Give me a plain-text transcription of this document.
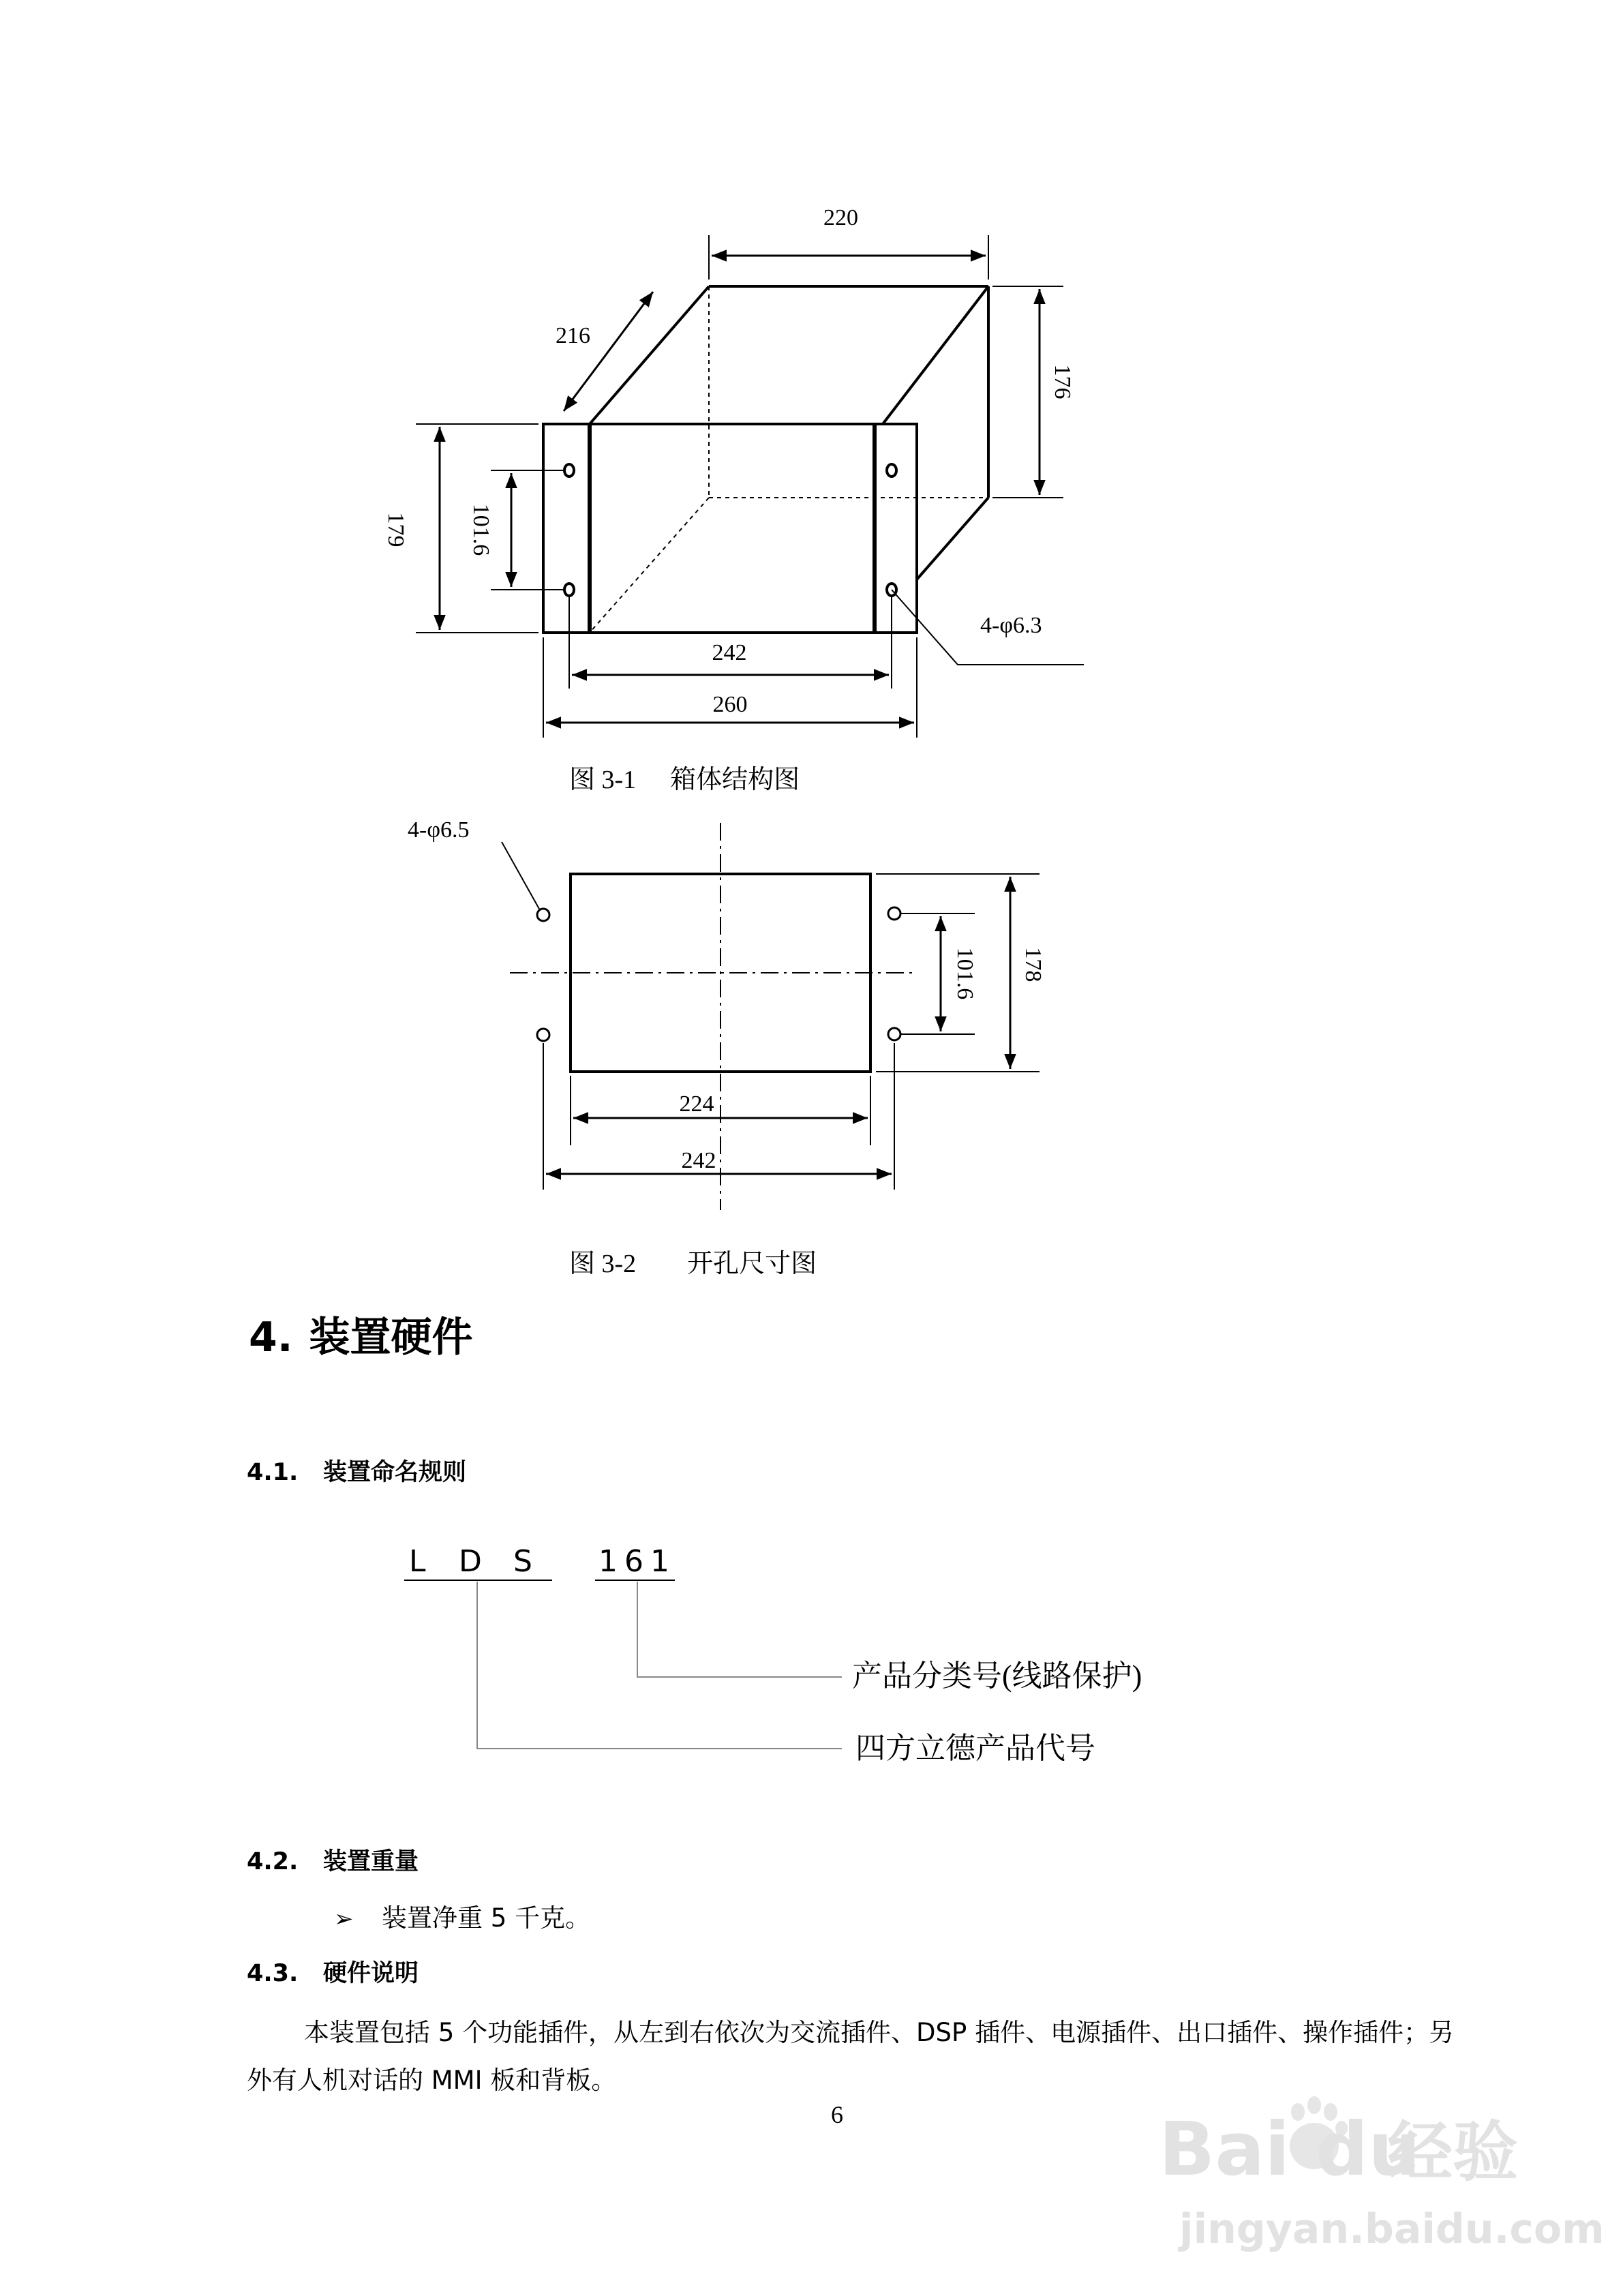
220
216
176
179	101.6
4-φ6.3
242
260
4-φ6.5
101.6 178
224
242
L D S 161
产品分类号(线路保护)
四方立德产品代号
图 3-1 箱体结构图
图 3-2 开孔尺寸图
4. 装置硬件
4.1. 装置命名规则
4.2. 装置重量
➢ 装置净重 5 千克。
4.3. 硬件说明
本装置包括 5 个功能插件，从左到右依次为交流插件、DSP 插件、电源插件、出口插件、操作插件；另外有人机对话的 MMI 板和背板。
6	Bai du
经验
jingyan.baidu.com
